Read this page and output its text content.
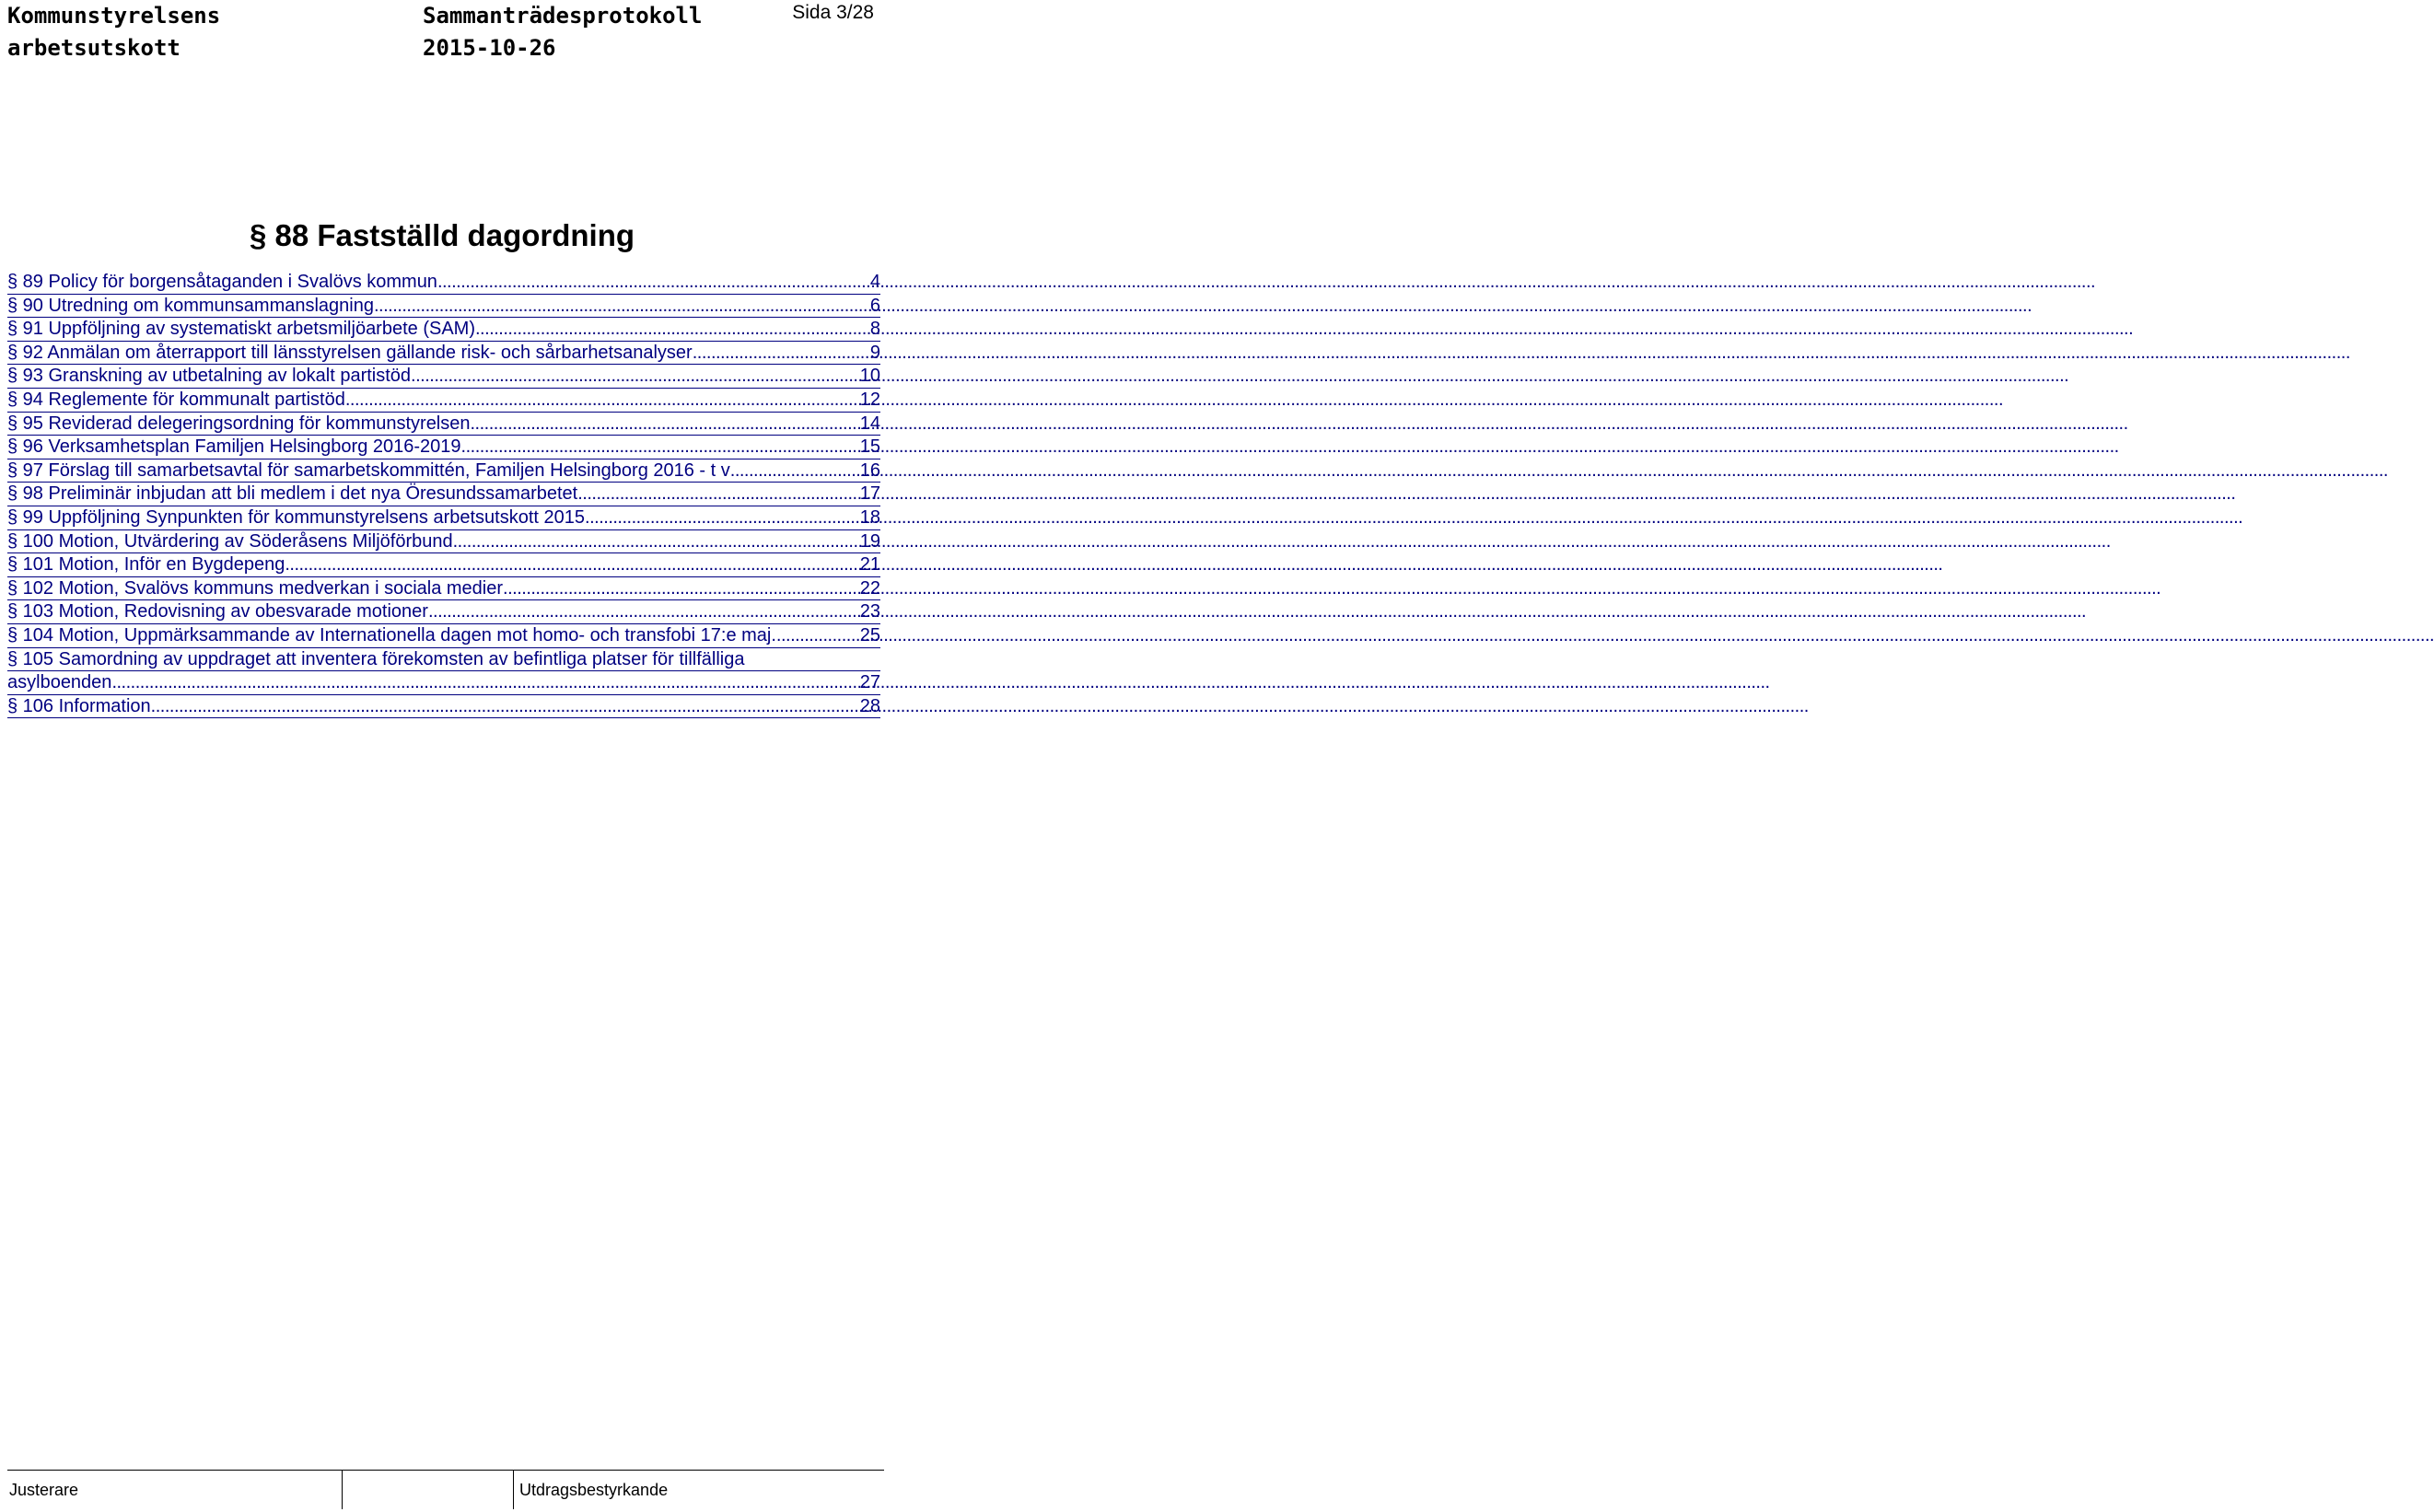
Kommunstyrelsens
arbetsutskott
Sammanträdesprotokoll
2015-10-26
Sida 3/28
§ 88 Fastställd dagordning
§ 89 Policy för borgensåtaganden i Svalövs kommun .....	4
§ 90 Utredning om kommunsammanslagning .....	6
§ 91 Uppföljning av systematiskt arbetsmiljöarbete (SAM) .....	8
§ 92 Anmälan om återrapport till länsstyrelsen gällande risk- och sårbarhetsanalyser .....	9
§ 93 Granskning av utbetalning av lokalt partistöd .....	10
§ 94 Reglemente för kommunalt partistöd .....	12
§ 95 Reviderad delegeringsordning för kommunstyrelsen .....	14
§ 96 Verksamhetsplan Familjen Helsingborg 2016-2019 .....	15
§ 97 Förslag till samarbetsavtal för samarbetskommittén, Familjen Helsingborg 2016 - t v .....	16
§ 98 Preliminär inbjudan att bli medlem i det nya Öresundssamarbetet .....	17
§ 99 Uppföljning Synpunkten för kommunstyrelsens arbetsutskott 2015 .....	18
§ 100 Motion, Utvärdering av Söderåsens Miljöförbund .....	19
§ 101 Motion, Inför en Bygdepeng .....	21
§ 102 Motion, Svalövs kommuns medverkan i sociala medier .....	22
§ 103 Motion, Redovisning av obesvarade motioner .....	23
§ 104 Motion, Uppmärksammande av Internationella dagen mot homo- och transfobi 17:e maj. .....	25
§ 105 Samordning av uppdraget att inventera förekomsten av befintliga platser för tillfälliga
asylboenden .....	27
§ 106 Information .....	28
Justerare	Utdragsbestyrkande
